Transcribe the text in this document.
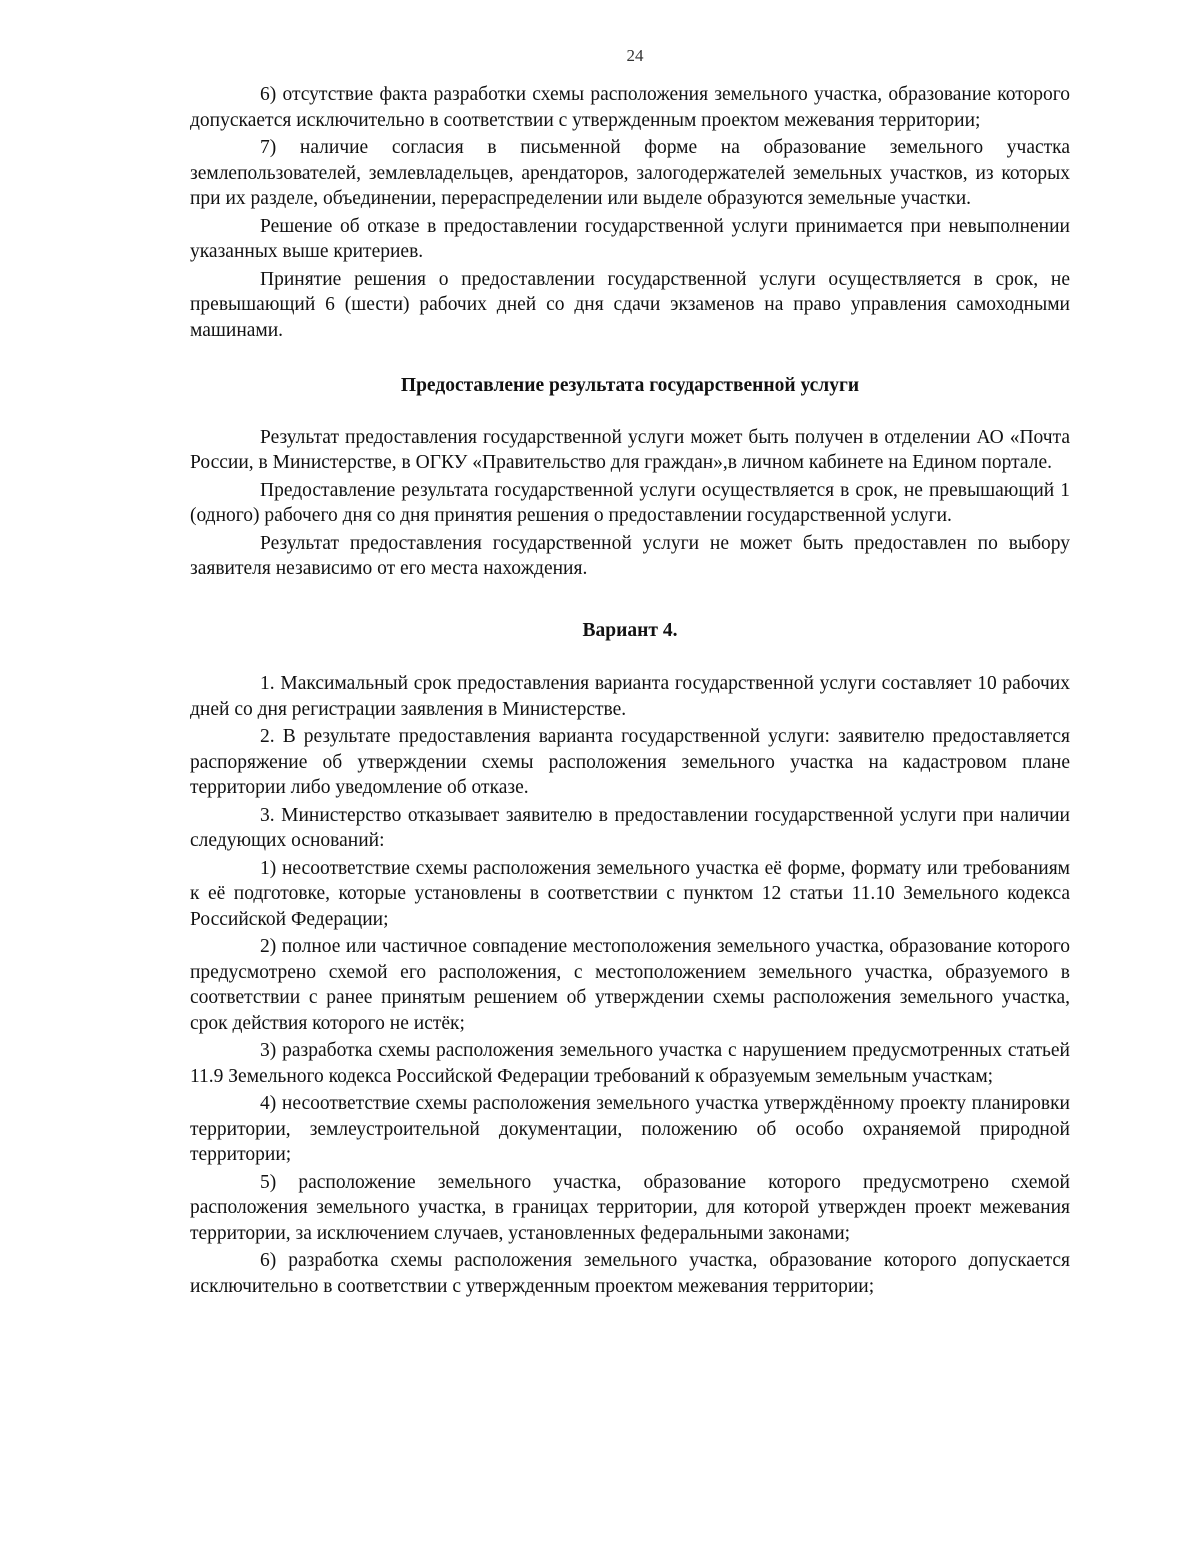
24

6) отсутствие факта разработки схемы расположения земельного участка, образование которого допускается исключительно в соответствии с утвержденным проектом межевания территории;

7) наличие согласия в письменной форме на образование земельного участка землепользователей, землевладельцев, арендаторов, залогодержателей земельных участков, из которых при их разделе, объединении, перераспределении или выделе образуются земельные участки.

Решение об отказе в предоставлении государственной услуги принимается при невыполнении указанных выше критериев.

Принятие решения о предоставлении государственной услуги осуществляется в срок, не превышающий 6 (шести) рабочих дней со дня сдачи экзаменов на право управления самоходными машинами.

Предоставление результата государственной услуги

Результат предоставления государственной услуги может быть получен в отделении АО «Почта России, в Министерстве, в ОГКУ «Правительство для граждан»,в личном кабинете на Едином портале.

Предоставление результата государственной услуги осуществляется в срок, не превышающий 1 (одного) рабочего дня со дня принятия решения о предоставлении государственной услуги.

Результат предоставления государственной услуги не может быть предоставлен по выбору заявителя независимо от его места нахождения.

Вариант 4.

1. Максимальный срок предоставления варианта государственной услуги составляет 10 рабочих дней со дня регистрации заявления в Министерстве.

2. В результате предоставления варианта государственной услуги: заявителю предоставляется распоряжение об утверждении схемы расположения земельного участка на кадастровом плане территории либо уведомление об отказе.

3. Министерство отказывает заявителю в предоставлении государственной услуги при наличии следующих оснований:

1) несоответствие схемы расположения земельного участка её форме, формату или требованиям к её подготовке, которые установлены в соответствии с пунктом 12 статьи 11.10 Земельного кодекса Российской Федерации;

2) полное или частичное совпадение местоположения земельного участка, образование которого предусмотрено схемой его расположения, с местоположением земельного участка, образуемого в соответствии с ранее принятым решением об утверждении схемы расположения земельного участка, срок действия которого не истёк;

3) разработка схемы расположения земельного участка с нарушением предусмотренных статьей 11.9 Земельного кодекса Российской Федерации требований к образуемым земельным участкам;

4) несоответствие схемы расположения земельного участка утверждённому проекту планировки территории, землеустроительной документации, положению об особо охраняемой природной территории;

5) расположение земельного участка, образование которого предусмотрено схемой расположения земельного участка, в границах территории, для которой утвержден проект межевания территории, за исключением случаев, установленных федеральными законами;

6) разработка схемы расположения земельного участка, образование которого допускается исключительно в соответствии с утвержденным проектом межевания территории;
